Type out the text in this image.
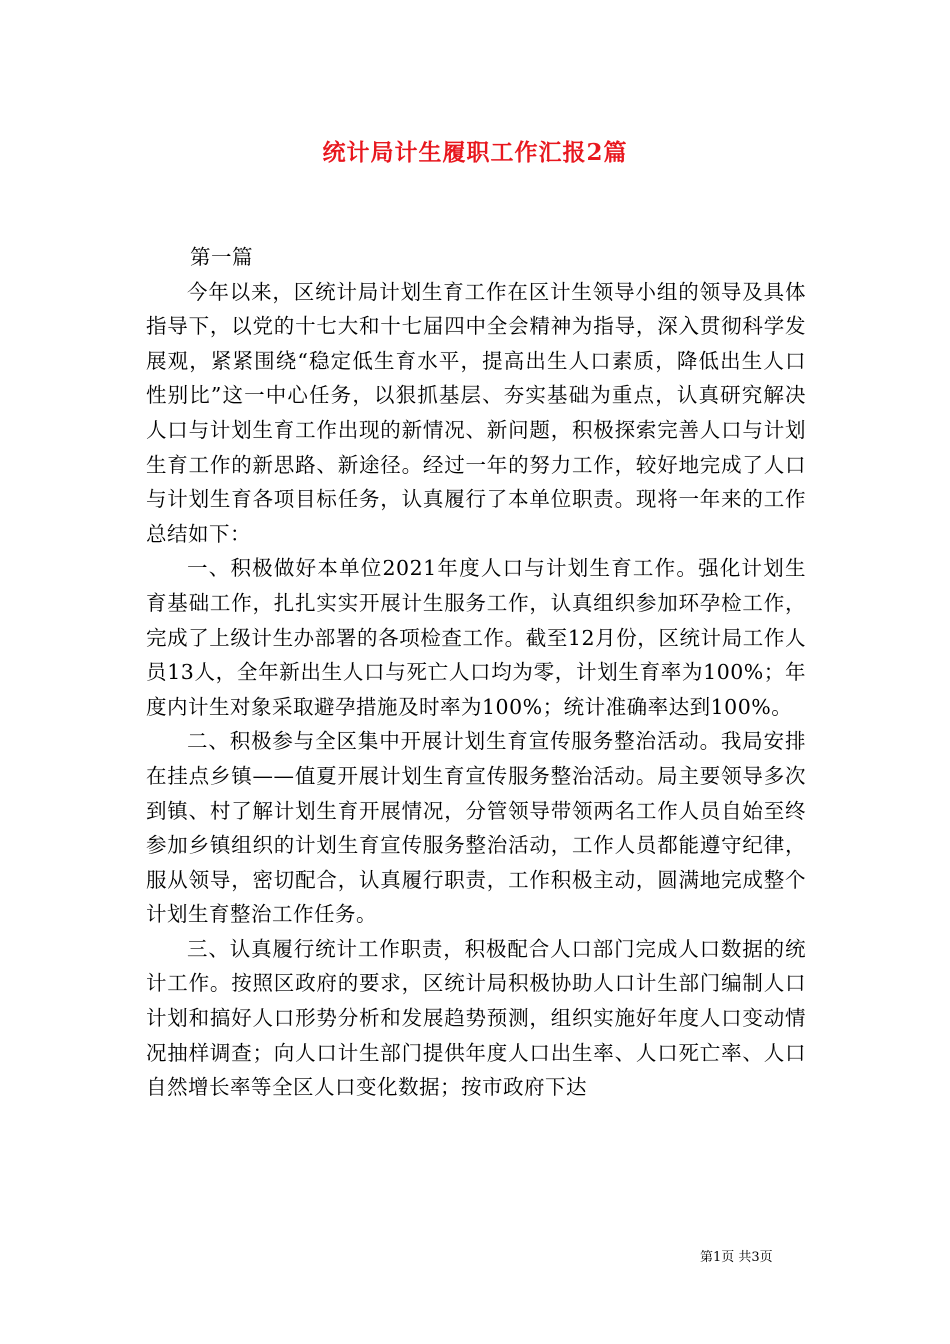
统计局计生履职工作汇报2篇

第一篇

今年以来，区统计局计划生育工作在区计生领导小组的领导及具体指导下，以党的十七大和十七届四中全会精神为指导，深入贯彻科学发展观，紧紧围绕“稳定低生育水平，提高出生人口素质，降低出生人口性别比”这一中心任务，以狠抓基层、夯实基础为重点，认真研究解决人口与计划生育工作出现的新情况、新问题，积极探索完善人口与计划生育工作的新思路、新途径。经过一年的努力工作，较好地完成了人口与计划生育各项目标任务，认真履行了本单位职责。现将一年来的工作总结如下：

一、积极做好本单位2021年度人口与计划生育工作。强化计划生育基础工作，扎扎实实开展计生服务工作，认真组织参加环孕检工作，完成了上级计生办部署的各项检查工作。截至12月份，区统计局工作人员13人，全年新出生人口与死亡人口均为零，计划生育率为100%；年度内计生对象采取避孕措施及时率为100%；统计准确率达到100%。

二、积极参与全区集中开展计划生育宣传服务整治活动。我局安排在挂点乡镇——值夏开展计划生育宣传服务整治活动。局主要领导多次到镇、村了解计划生育开展情况，分管领导带领两名工作人员自始至终参加乡镇组织的计划生育宣传服务整治活动，工作人员都能遵守纪律，服从领导，密切配合，认真履行职责，工作积极主动，圆满地完成整个计划生育整治工作任务。

三、认真履行统计工作职责，积极配合人口部门完成人口数据的统计工作。按照区政府的要求，区统计局积极协助人口计生部门编制人口计划和搞好人口形势分析和发展趋势预测，组织实施好年度人口变动情况抽样调查；向人口计生部门提供年度人口出生率、人口死亡率、人口自然增长率等全区人口变化数据；按市政府下达

第1页 共3页
